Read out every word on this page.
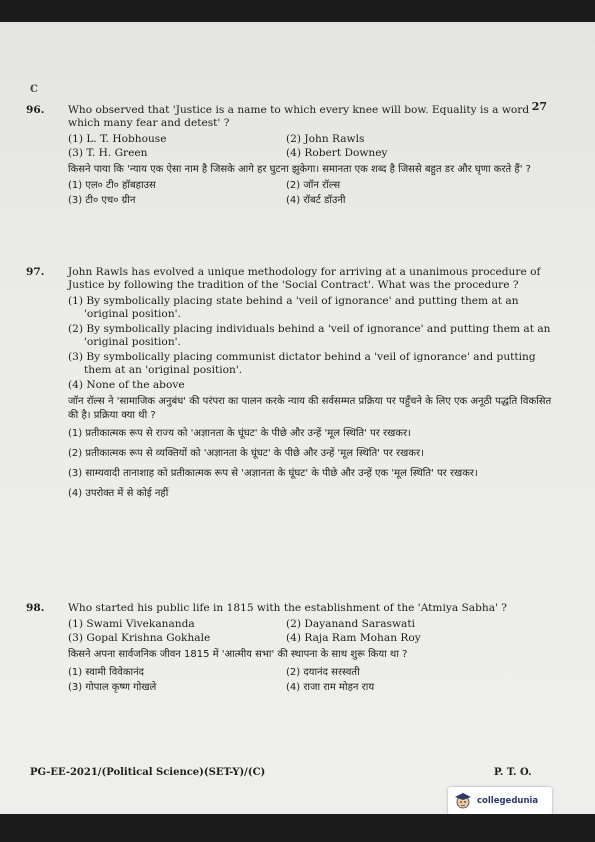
C
27
96.	Who observed that 'Justice is a name to which every knee will bow. Equality is a word which many fear and detest' ?
(1) L. T. Hobhouse	(2) John Rawls
(3) T. H. Green	(4) Robert Downey
किसने पाया कि 'न्याय एक ऐसा नाम है जिसके आगे हर घुटना झुकेगा। समानता एक शब्द है जिससे बहुत डर और घृणा करते हैं' ?
(1) एल० टी० हॉबहाउस	(2) जॉन रॉल्स
(3) टी० एच० ग्रीन	(4) रॉबर्ट डॉउनी
97.	John Rawls has evolved a unique methodology for arriving at a unanimous procedure of Justice by following the tradition of the 'Social Contract'. What was the procedure ?
(1) By symbolically placing state behind a 'veil of ignorance' and putting them at an 'original position'.
(2) By symbolically placing individuals behind a 'veil of ignorance' and putting them at an 'original position'.
(3) By symbolically placing communist dictator behind a 'veil of ignorance' and putting them at an 'original position'.
(4) None of the above
जॉन रॉल्स ने 'सामाजिक अनुबंध' की परंपरा का पालन करके न्याय की सर्वसम्मत प्रक्रिया पर पहुँचने के लिए एक अनूठी पद्धति विकसित की है। प्रक्रिया क्या थी ?
(1) प्रतीकात्मक रूप से राज्य को 'अज्ञानता के घूंघट' के पीछे और उन्हें 'मूल स्थिति' पर रखकर।
(2) प्रतीकात्मक रूप से व्यक्तियों को 'अज्ञानता के घूंघट' के पीछे और उन्हें 'मूल स्थिति' पर रखकर।
(3) साम्यवादी तानाशाह को प्रतीकात्मक रूप से 'अज्ञानता के घूंघट' के पीछे और उन्हें एक 'मूल स्थिति' पर रखकर।
(4) उपरोक्त में से कोई नहीं
98.	Who started his public life in 1815 with the establishment of the 'Atmiya Sabha' ?
(1) Swami Vivekananda	(2) Dayanand Saraswati
(3) Gopal Krishna Gokhale	(4) Raja Ram Mohan Roy
किसने अपना सार्वजनिक जीवन 1815 में 'आत्मीय सभा' की स्थापना के साथ शुरू किया था ?
(1) स्वामी विवेकानंद	(2) दयानंद सरस्वती
(3) गोपाल कृष्ण गोखले	(4) राजा राम मोहन राय
PG-EE-2021/(Political Science)(SET-Y)/(C)	P. T. O.
collegedunia
